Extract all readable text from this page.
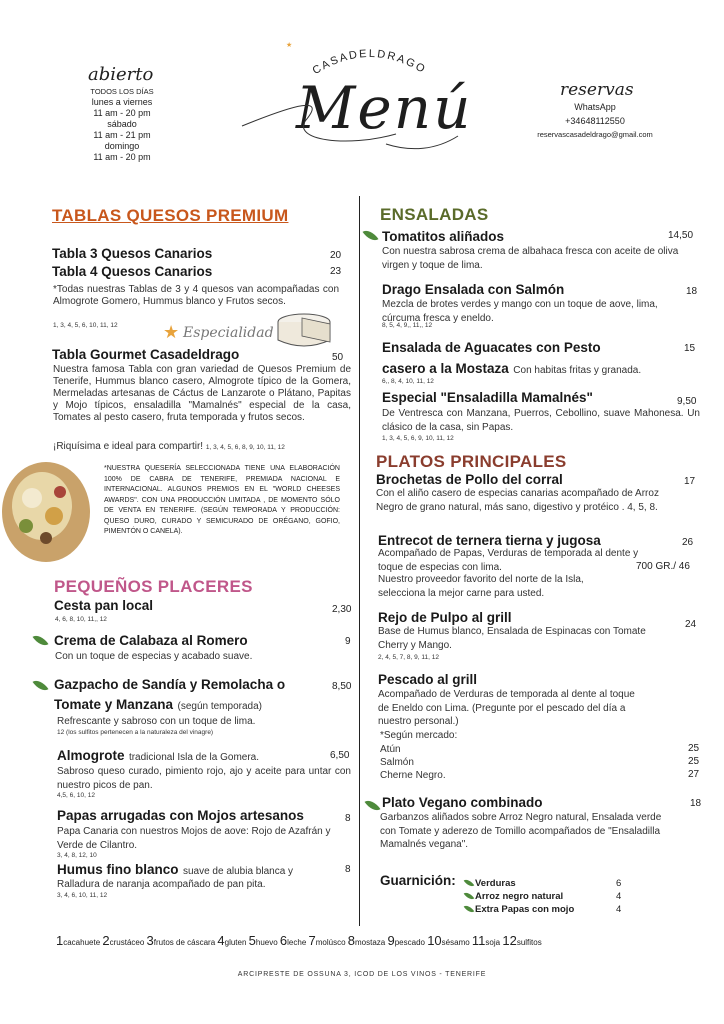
abierto
TODOS LOS DÍAS
lunes a viernes
11 am - 20 pm
sábado
11 am - 21 pm
domingo
11 am - 20 pm
★
CASADELDRAGO
Menú	reservas
WhatsApp
+34648112550
reservascasadeldrago@gmail.com
TABLAS QUESOS PREMIUM
Tabla 3 Quesos Canarios	20
Tabla 4 Quesos Canarios	23
*Todas nuestras Tablas de 3 y 4 quesos van acompañadas con Almogrote Gomero, Hummus blanco y Frutos secos.
1, 3, 4, 5, 6, 10, 11, 12	★ Especialidad
Tabla Gourmet Casadeldrago	50
Nuestra famosa Tabla con gran variedad de Quesos Premium de Tenerife, Hummus blanco casero, Almogrote típico de la Gomera, Mermeladas artesanas de Cáctus de Lanzarote o Plátano, Papitas y Mojo típicos, ensaladilla "Mamalnés" especial de la casa, Tomates al pesto casero, fruta temporada y frutos secos.
¡Riquísima e ideal para compartir! 1, 3, 4, 5, 6, 8, 9, 10, 11, 12
*NUESTRA QUESERÍA SELECCIONADA TIENE UNA ELABORACIÓN 100% DE CABRA DE TENERIFE, PREMIADA NACIONAL E INTERNACIONAL. ALGUNOS PREMIOS EN EL "WORLD CHEESES AWARDS". CON UNA PRODUCCIÓN LIMITADA , DE MOMENTO SÓLO DE VENTA EN TENERIFE. (SEGÚN TEMPORADA Y PRODUCCIÓN: QUESO DURO, CURADO Y SEMICURADO DE ORÉGANO, GOFIO, PIMENTÓN O CANELA).
PEQUEÑOS PLACERES
Cesta pan local	2,30
4, 6, 8, 10, 11,, 12
Crema de Calabaza al Romero	9
Con un toque de especias y acabado suave.
Gazpacho de Sandía y Remolacha o	8,50
Tomate y Manzana (según temporada)
Refrescante y sabroso con un toque de lima.
12 (los sulfitos pertenecen a la naturaleza del vinagre)
Almogrote tradicional Isla de la Gomera.	6,50
Sabroso queso curado, pimiento rojo, ajo y aceite para untar con nuestro picos de pan.
4,5, 6, 10, 12
Papas arrugadas con Mojos artesanos	8
Papa Canaria con nuestros Mojos de aove: Rojo de Azafrán y Verde de Cilantro.
3, 4, 8, 12, 10
Humus fino blanco suave de alubia blanca y	8
Ralladura de naranja acompañado de pan pita.
3, 4, 6, 10, 11, 12
ENSALADAS
Tomatitos aliñados	14,50
Con nuestra sabrosa crema de albahaca fresca con aceite de oliva virgen y toque de lima.
Drago Ensalada con Salmón	18
Mezcla de brotes verdes y mango con un toque de aove, lima, cúrcuma fresca y eneldo.
8, 5, 4, 9,, 11,, 12
Ensalada de Aguacates con Pesto	15
casero a la Mostaza Con habitas fritas y granada.
6,, 8, 4, 10, 11, 12
Especial "Ensaladilla Mamalnés"	9,50
De Ventresca con Manzana, Puerros, Cebollino, suave Mahonesa. Un clásico de la casa, sin Papas.
1, 3, 4, 5, 6, 9, 10, 11, 12
PLATOS PRINCIPALES
Brochetas de Pollo del corral	17
Con el aliño casero de especias canarias acompañado de Arroz Negro de grano natural, más sano, digestivo y protéico . 4, 5, 8.
Entrecot de ternera tierna y jugosa	26
Acompañado de Papas, Verduras de temporada al dente y toque de especias con lima.	700 GR./ 46
Nuestro proveedor favorito del norte de la Isla, selecciona la mejor carne para usted.
Rejo de Pulpo al grill	24
Base de Humus blanco, Ensalada de Espinacas con Tomate Cherry y Mango.
2, 4, 5, 7, 8, 9, 11, 12
Pescado al grill
Acompañado de Verduras de temporada al dente al toque de Eneldo con Lima. (Pregunte por el pescado del día a nuestro personal.)
*Según mercado:
Atún	25
Salmón	25
Cherne Negro.	27
Plato Vegano combinado	18
Garbanzos aliñados sobre Arroz Negro natural, Ensalada verde con Tomate y aderezo de Tomillo acompañados de "Ensaladilla Mamalnés vegana".
Guarnición:	Verduras	6
Arroz negro natural	4
Extra Papas con mojo	4
1cacahuete 2crustáceo 3frutos de cáscara 4gluten 5huevo 6leche 7molúsco 8mostaza 9pescado 10sésamo 11soja 12sulfitos
ARCIPRESTE DE OSSUNA 3, ICOD DE LOS VINOS - TENERIFE
